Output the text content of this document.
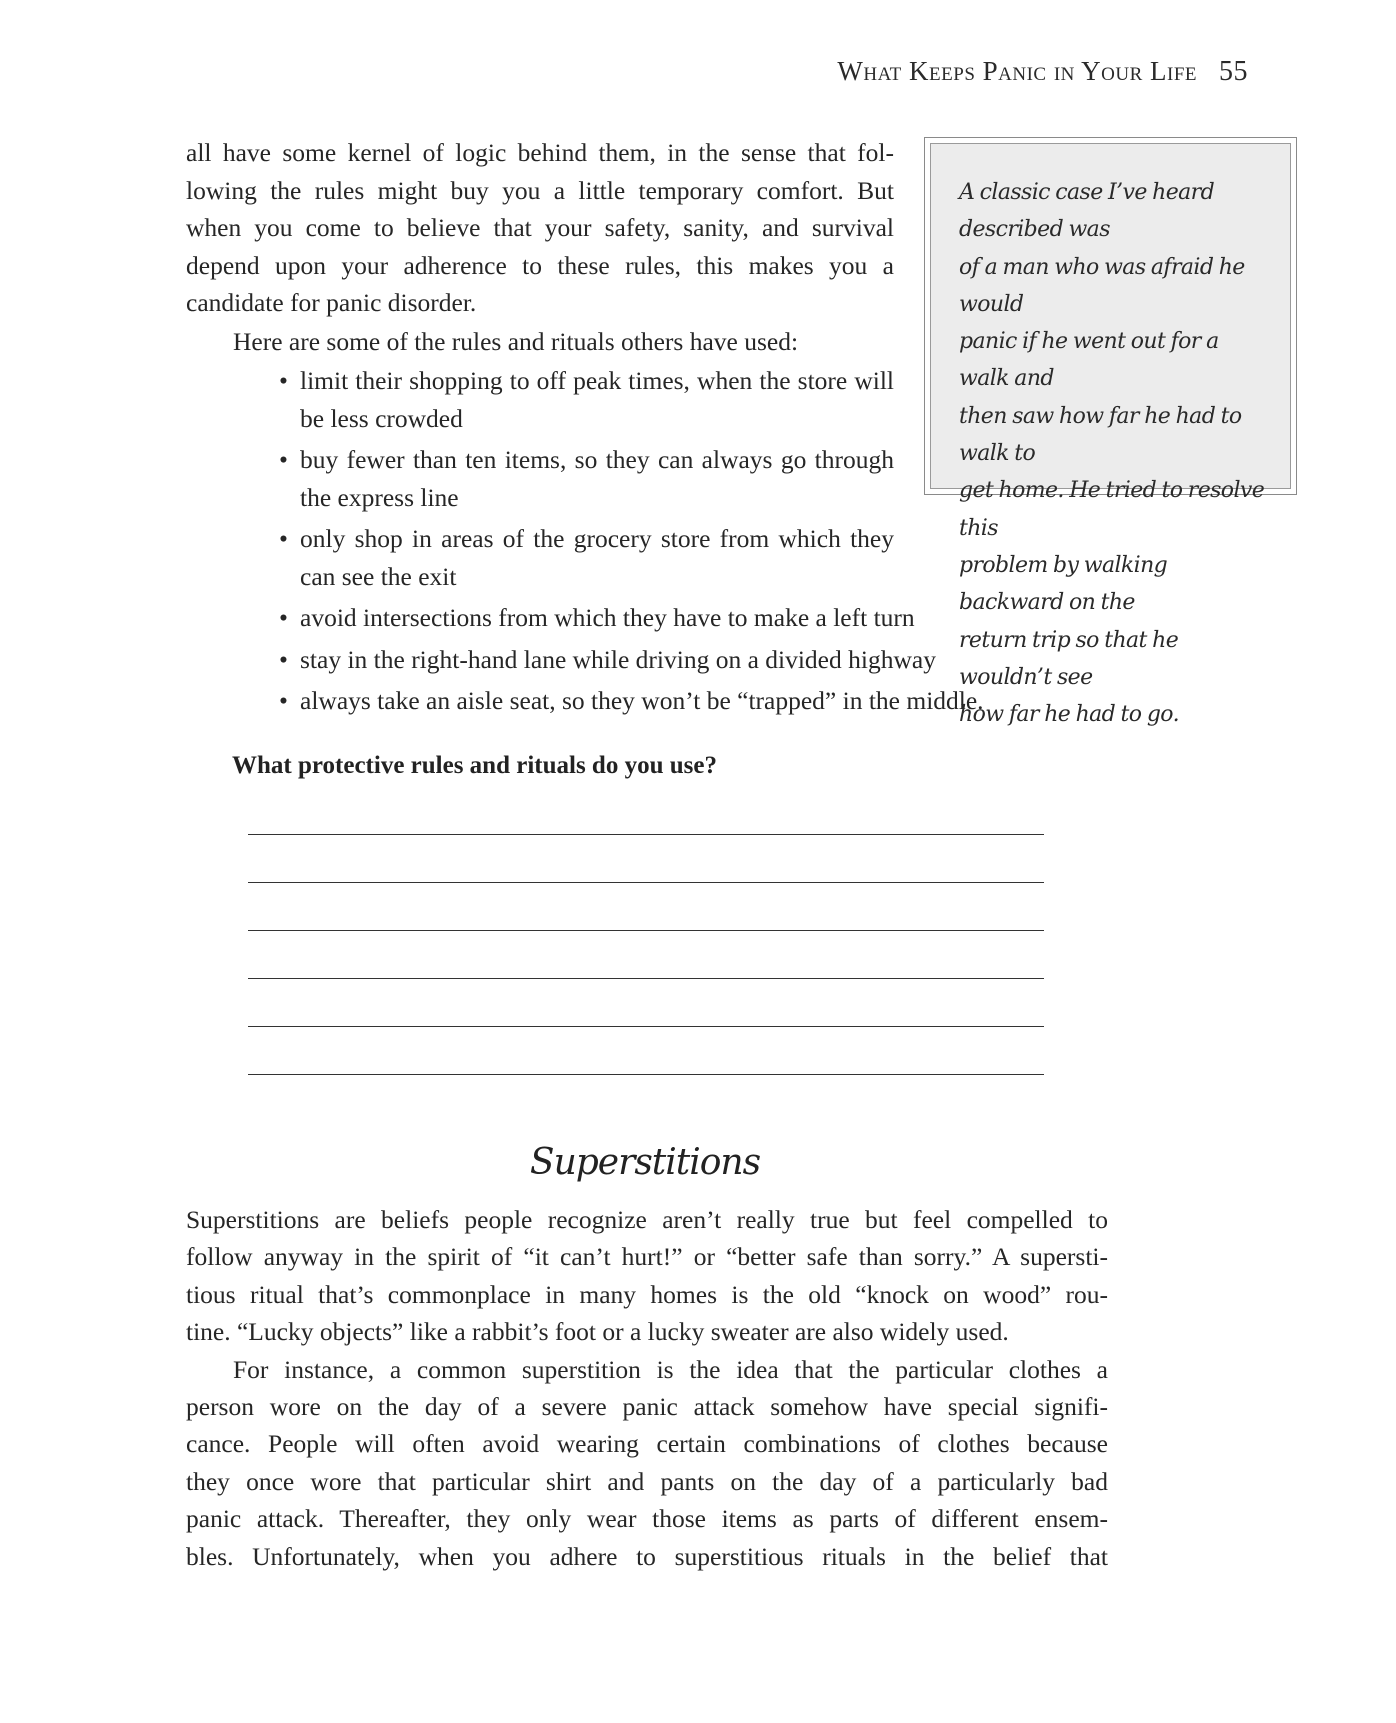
What Keeps Panic in Your Life 55
all have some kernel of logic behind them, in the sense that fol-
lowing the rules might buy you a little temporary comfort. But
when you come to believe that your safety, sanity, and survival
depend upon your adherence to these rules, this makes you a
candidate for panic disorder.
Here are some of the rules and rituals others have used:
• limit their shopping to off peak times, when the store will be less crowded
• buy fewer than ten items, so they can always go through the express line
• only shop in areas of the grocery store from which they can see the exit
• avoid intersections from which they have to make a left turn
• stay in the right-hand lane while driving on a divided highway
• always take an aisle seat, so they won’t be “trapped” in the middle.
A classic case I’ve heard described was
of a man who was afraid he would
panic if he went out for a walk and
then saw how far he had to walk to
get home. He tried to resolve this
problem by walking backward on the
return trip so that he wouldn’t see
how far he had to go.
What protective rules and rituals do you use?
Superstitions
Superstitions are beliefs people recognize aren’t really true but feel compelled to
follow anyway in the spirit of “it can’t hurt!” or “better safe than sorry.” A supersti-
tious ritual that’s commonplace in many homes is the old “knock on wood” rou-
tine. “Lucky objects” like a rabbit’s foot or a lucky sweater are also widely used.
For instance, a common superstition is the idea that the particular clothes a
person wore on the day of a severe panic attack somehow have special signifi-
cance. People will often avoid wearing certain combinations of clothes because
they once wore that particular shirt and pants on the day of a particularly bad
panic attack. Thereafter, they only wear those items as parts of different ensem-
bles. Unfortunately, when you adhere to superstitious rituals in the belief that
